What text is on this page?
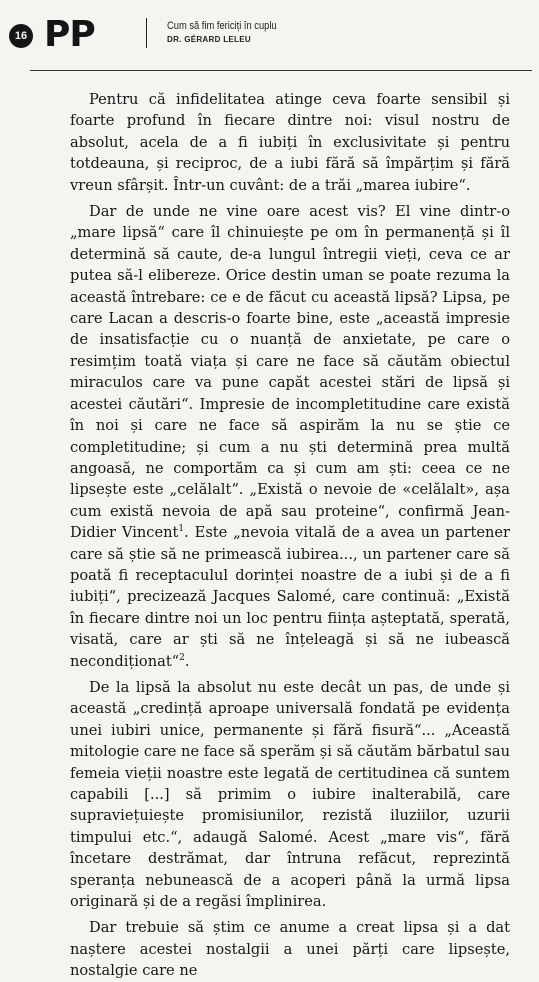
16 PP	Cum să fim fericiți în cuplu
DR. GÉRARD LELEU

Pentru că infidelitatea atinge ceva foarte sensibil și foarte profund în fiecare dintre noi: visul nostru de absolut, acela de a fi iubiți în exclusivitate și pentru totdeauna, și reciproc, de a iubi fără să împărțim și fără vreun sfârșit. Într-un cuvânt: de a trăi „marea iubire“.

Dar de unde ne vine oare acest vis? El vine dintr-o „mare lipsă“ care îl chinuiește pe om în permanență și îl determină să caute, de-a lungul întregii vieți, ceva ce ar putea să-l elibereze. Orice destin uman se poate rezuma la această întrebare: ce e de făcut cu această lipsă? Lipsa, pe care Lacan a descris-o foarte bine, este „această impresie de insatisfacție cu o nuanță de anxietate, pe care o resimțim toată viața și care ne face să căutăm obiectul miraculos care va pune capăt acestei stări de lipsă și acestei căutări“. Impresie de incompletitudine care există în noi și care ne face să aspirăm la nu se știe ce completitudine; și cum a nu ști determină prea multă angoasă, ne comportăm ca și cum am ști: ceea ce ne lipsește este „celălalt“. „Există o nevoie de «celălalt», așa cum există nevoia de apă sau proteine“, confirmă Jean-Didier Vincent$^1$. Este „nevoia vitală de a avea un partener care să știe să ne primească iubirea..., un partener care să poată fi receptaculul dorinței noastre de a iubi și de a fi iubiți“, precizează Jacques Salomé, care continuă: „Există în fiecare dintre noi un loc pentru ființa așteptată, sperată, visată, care ar ști să ne înțeleagă și să ne iubească necondiționat“$^2$.

De la lipsă la absolut nu este decât un pas, de unde și această „credință aproape universală fondată pe evidența unei iubiri unice, permanente și fără fisură“... „Această mitologie care ne face să sperăm și să căutăm bărbatul sau femeia vieții noastre este legată de certitudinea că suntem capabili [...] să primim o iubire inalterabilă, care supraviețuiește promisiunilor, rezistă iluziilor, uzurii timpului etc.“, adaugă Salomé. Acest „mare vis“, fără încetare destrămat, dar întruna refăcut, reprezintă speranța nebunească de a acoperi până la urmă lipsa originară și de a regăsi împlinirea.

Dar trebuie să știm ce anume a creat lipsa și a dat naștere acestei nostalgii a unei părți care lipsește, nostalgie care ne
